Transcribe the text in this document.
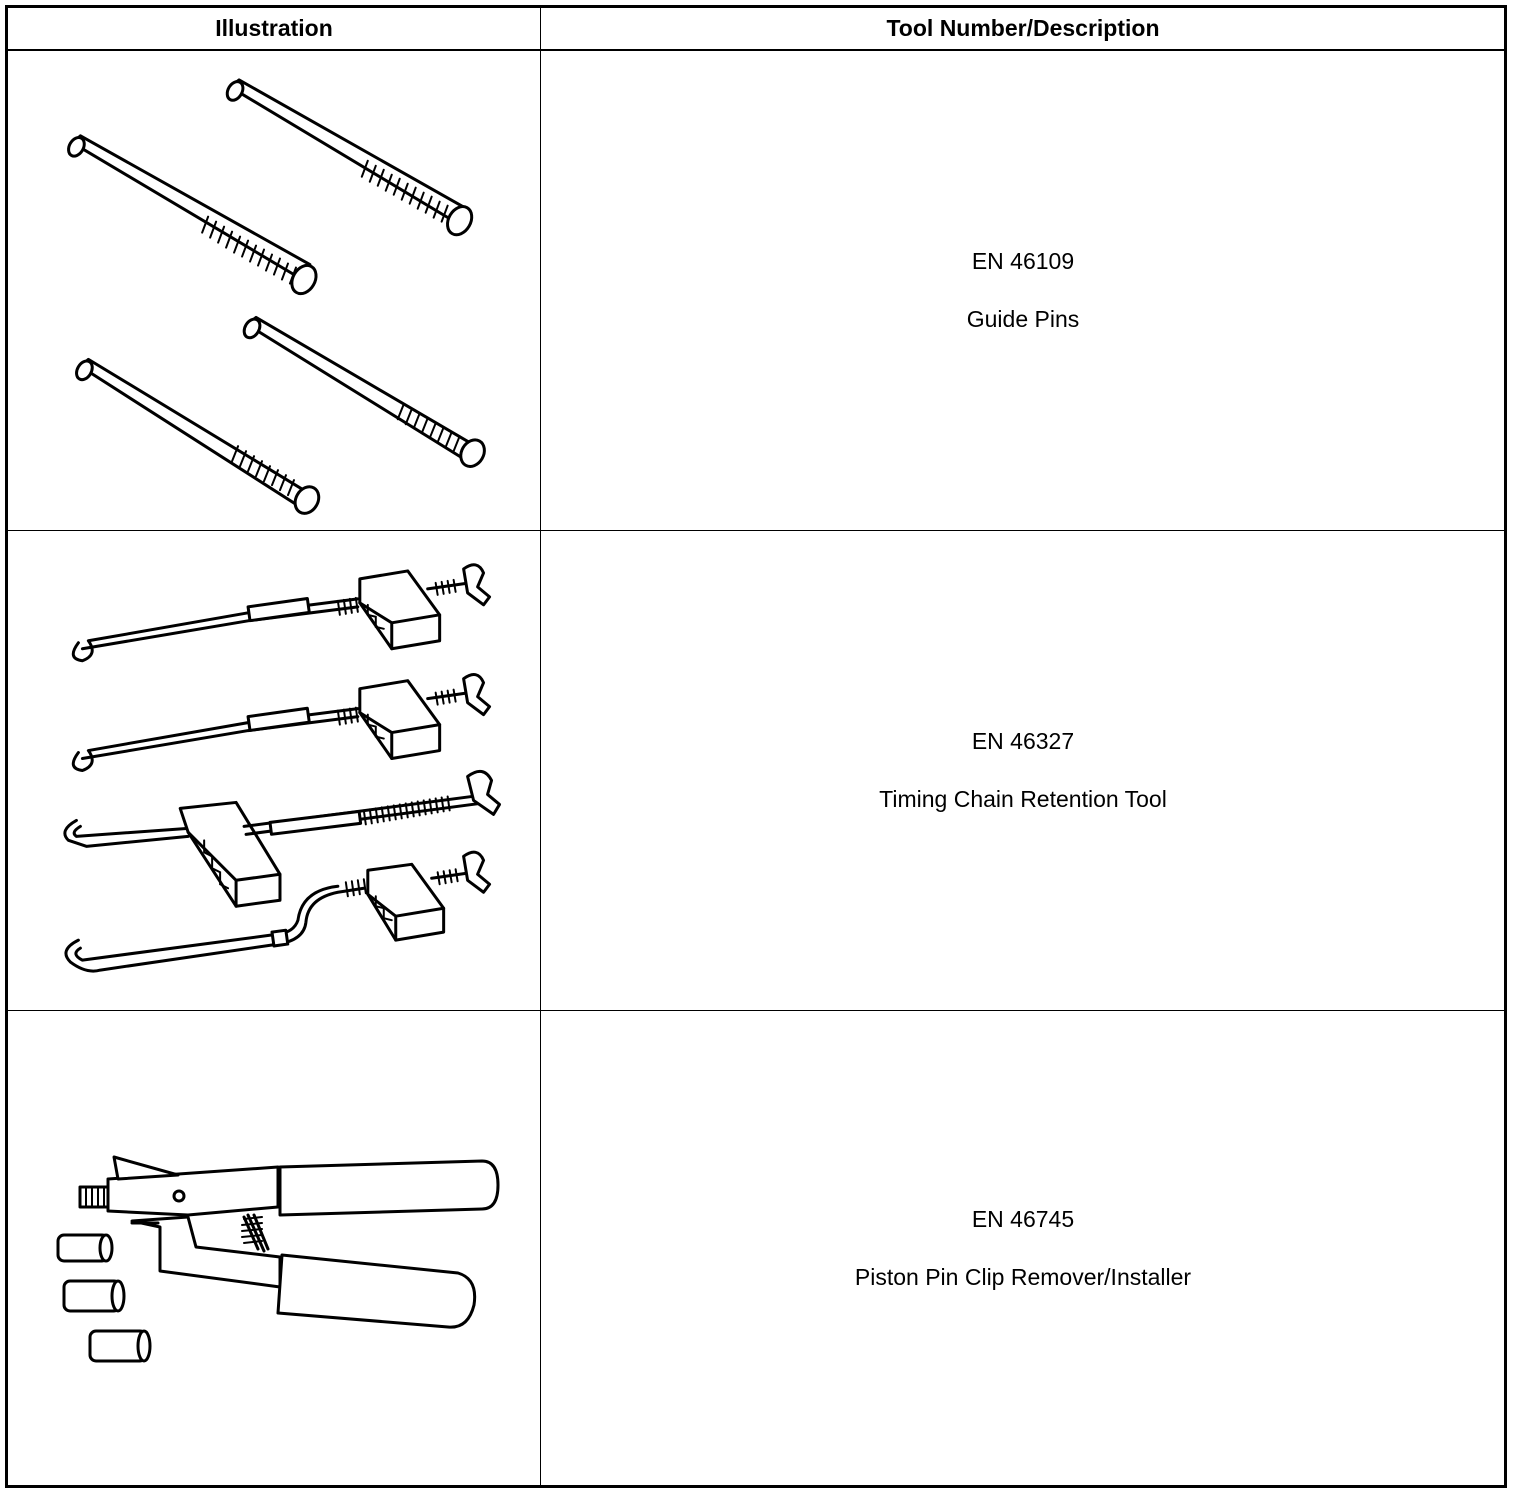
Illustration	Tool Number/Description

EN 46109

Guide Pins

EN 46327

Timing Chain Retention Tool

EN 46745

Piston Pin Clip Remover/Installer
